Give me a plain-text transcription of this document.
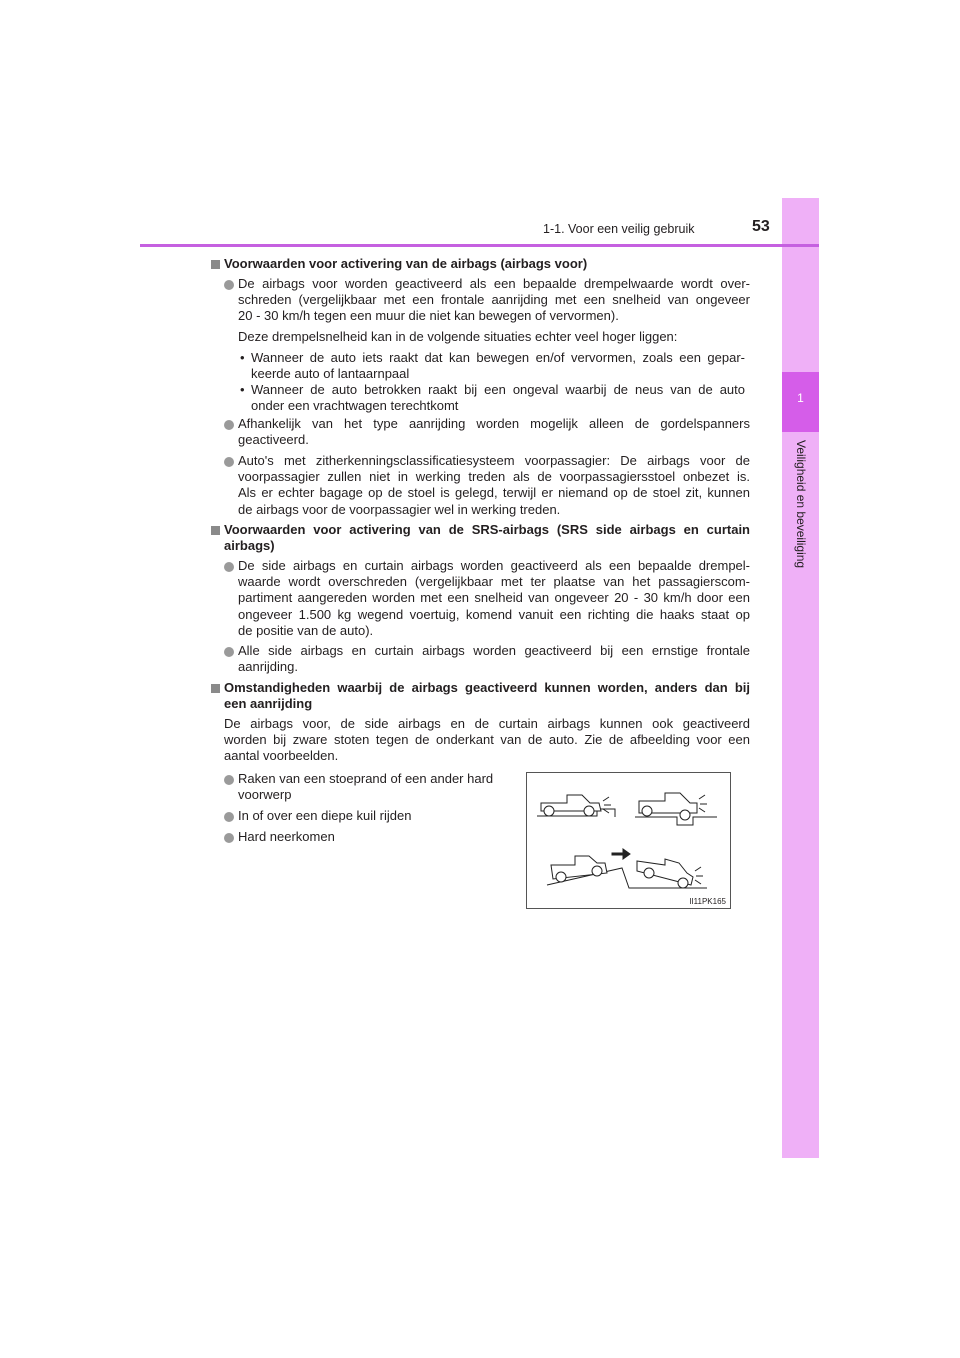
1
Veiligheid en beveiliging
1-1. Voor een veilig gebruik	53
Voorwaarden voor activering van de airbags (airbags voor)
De airbags voor worden geactiveerd als een bepaalde drempelwaarde wordt over-
schreden (vergelijkbaar met een frontale aanrijding met een snelheid van ongeveer
20 - 30 km/h tegen een muur die niet kan bewegen of vervormen).
Deze drempelsnelheid kan in de volgende situaties echter veel hoger liggen:
Wanneer de auto iets raakt dat kan bewegen en/of vervormen, zoals een gepar-
keerde auto of lantaarnpaal
•
Wanneer de auto betrokken raakt bij een ongeval waarbij de neus van de auto
onder een vrachtwagen terechtkomt
•
Afhankelijk van het type aanrijding worden mogelijk alleen de gordelspanners
geactiveerd.
Auto's met zitherkenningsclassificatiesysteem voorpassagier: De airbags voor de
voorpassagier zullen niet in werking treden als de voorpassagiersstoel onbezet is.
Als er echter bagage op de stoel is gelegd, terwijl er niemand op de stoel zit, kunnen
de airbags voor de voorpassagier wel in werking treden.
Voorwaarden voor activering van de SRS-airbags (SRS side airbags en curtain
airbags)
De side airbags en curtain airbags worden geactiveerd als een bepaalde drempel-
waarde wordt overschreden (vergelijkbaar met ter plaatse van het passagierscom-
partiment aangereden worden met een snelheid van ongeveer 20 - 30 km/h door een
ongeveer 1.500 kg wegend voertuig, komend vanuit een richting die haaks staat op
de positie van de auto).
Alle side airbags en curtain airbags worden geactiveerd bij een ernstige frontale
aanrijding.
Omstandigheden waarbij de airbags geactiveerd kunnen worden, anders dan bij
een aanrijding
De airbags voor, de side airbags en de curtain airbags kunnen ook geactiveerd
worden bij zware stoten tegen de onderkant van de auto. Zie de afbeelding voor een
aantal voorbeelden.
Raken van een stoeprand of een ander hard
voorwerp
In of over een diepe kuil rijden
Hard neerkomen
II11PK165
